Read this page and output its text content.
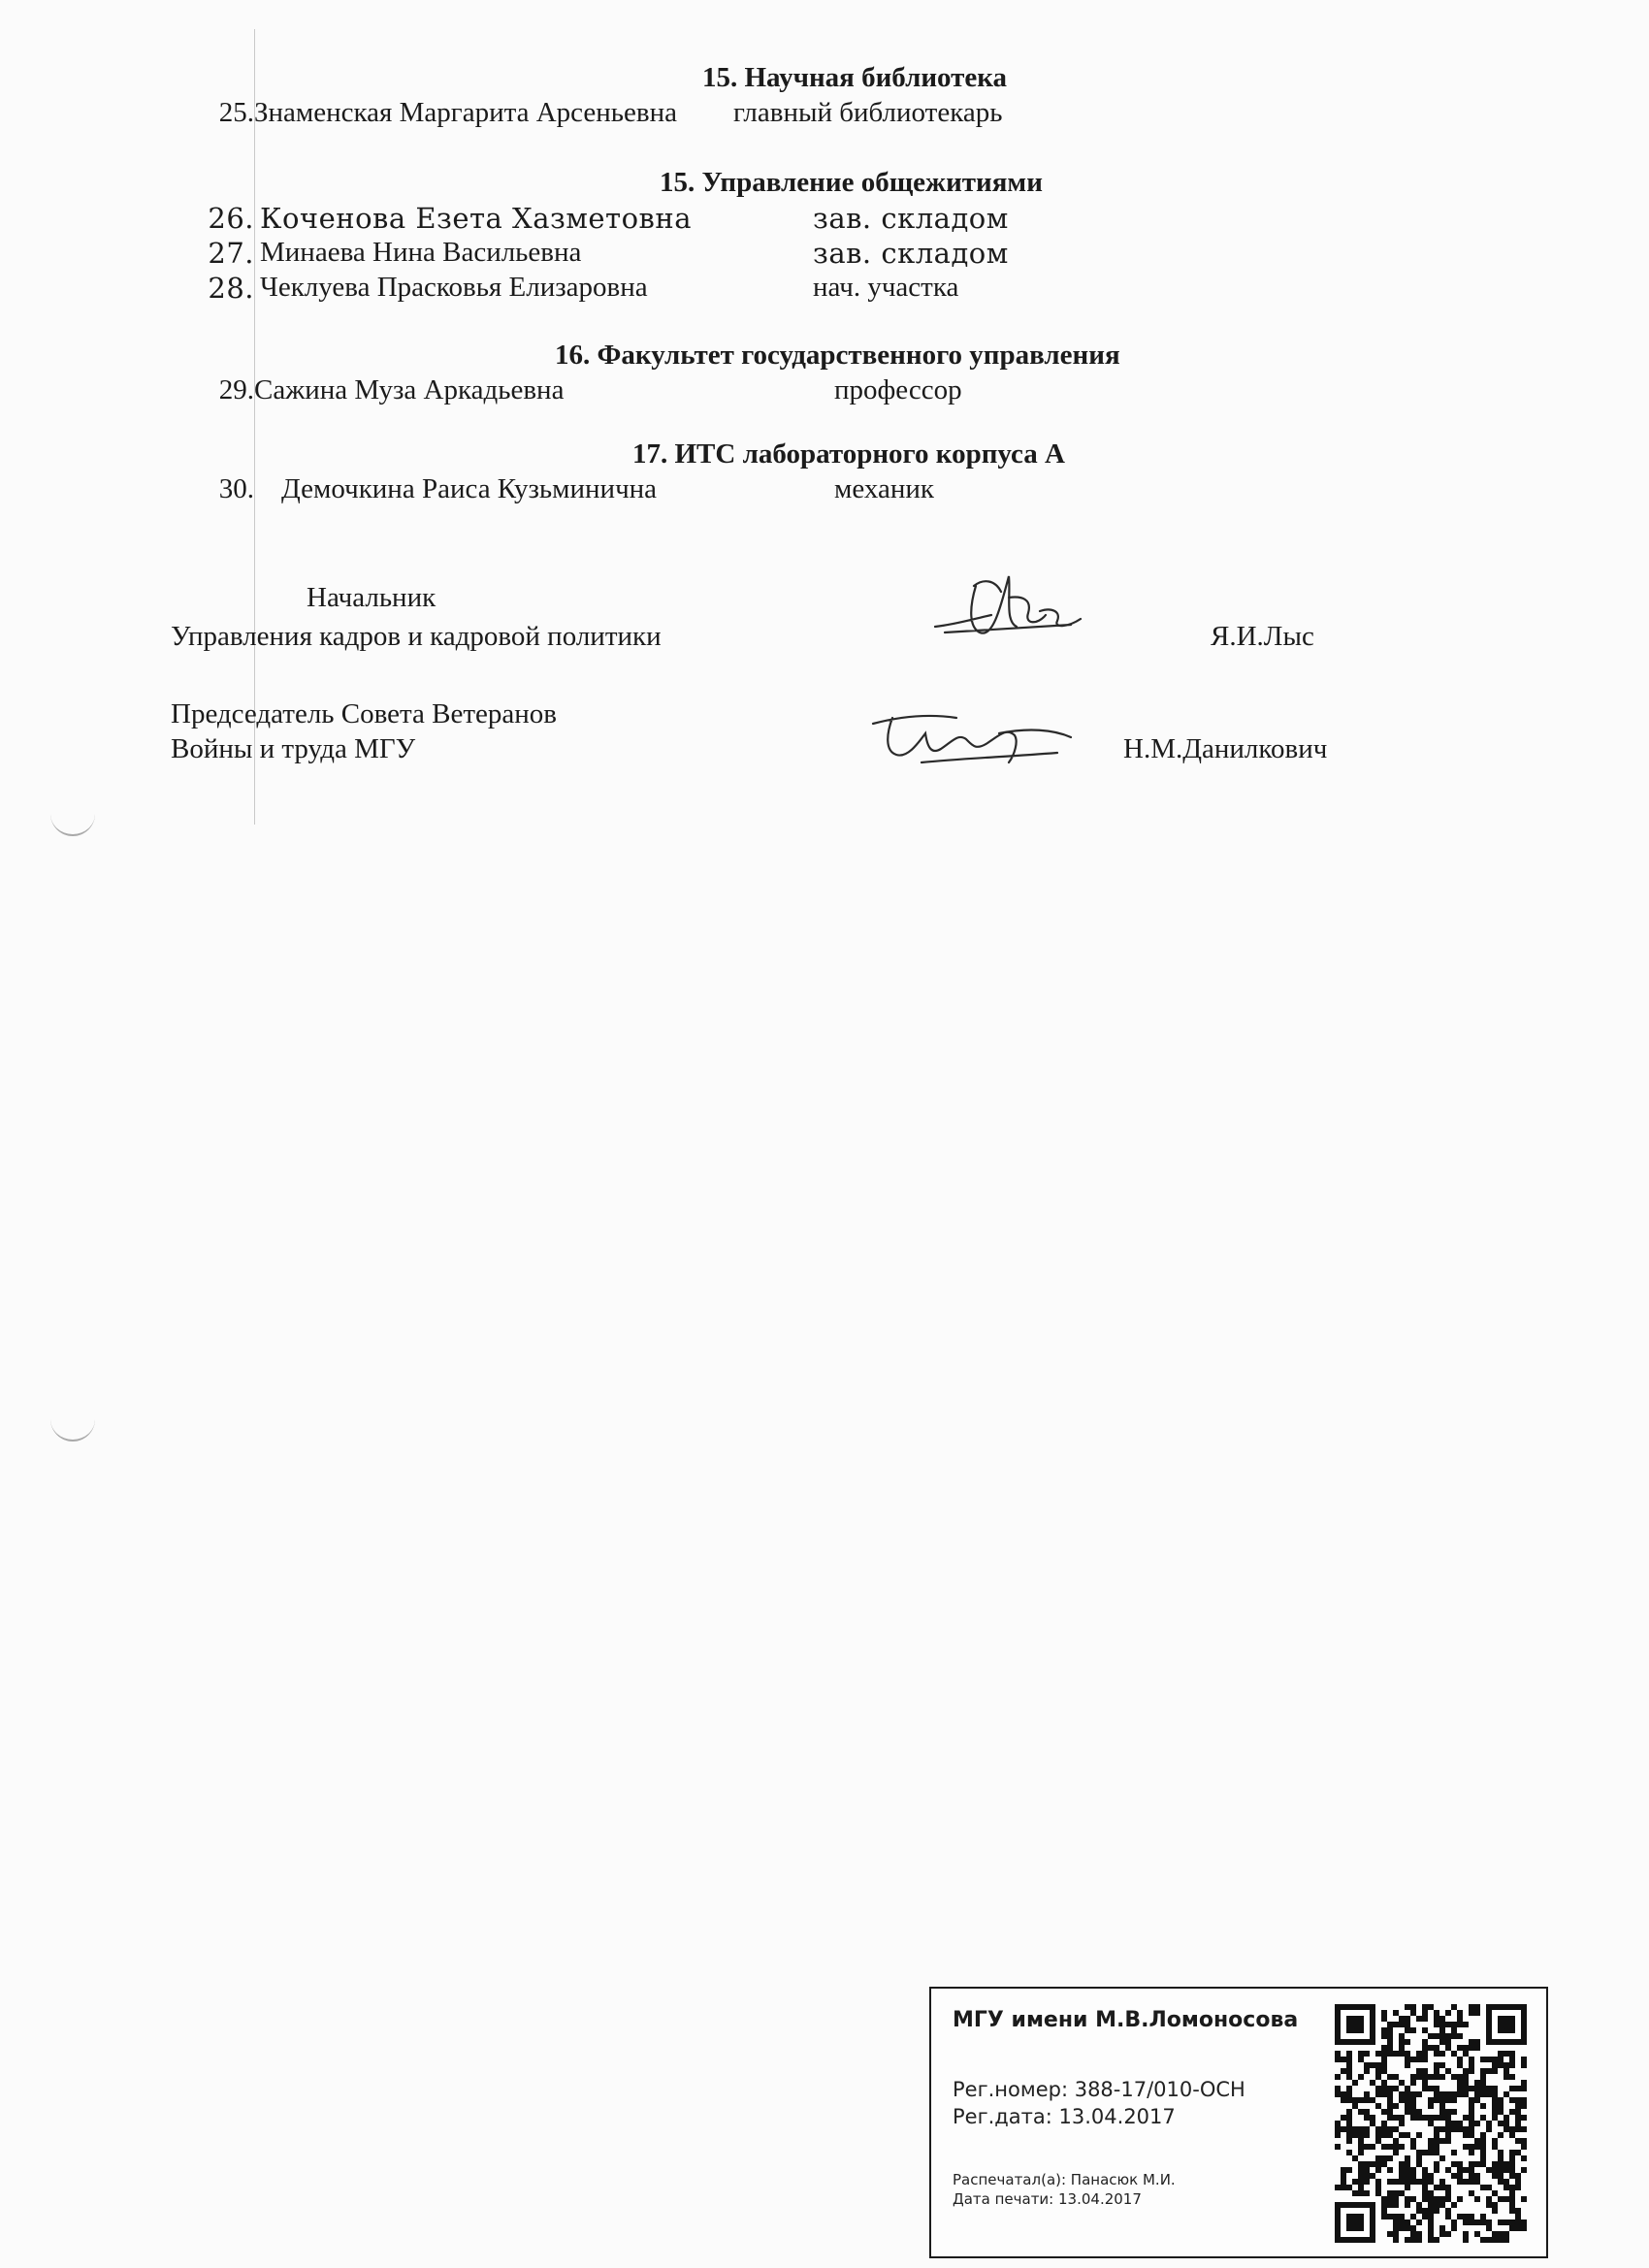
15. Научная библиотека
25. Знаменская Маргарита Арсеньевна главный библиотекарь
15. Управление общежитиями
26. Коченова Езета Хазметовна	зав. складом
27. Минаева Нина Васильевна	зав. складом
28. Чеклуева Прасковья Елизаровна	нач. участка
16. Факультет государственного управления
29. Сажина Муза Аркадьевна	профессор
17. ИТС лабораторного корпуса А
30. Демочкина Раиса Кузьминична	механик
Начальник
Управления кадров и кадровой политики	Я.И.Лыс
Председатель Совета Ветеранов
Войны и труда МГУ	Н.М.Данилкович
МГУ имени М.В.Ломоносова
Рег.номер: 388-17/010-ОСН
Рег.дата: 13.04.2017
Распечатал(а): Панасюк М.И.
Дата печати: 13.04.2017
